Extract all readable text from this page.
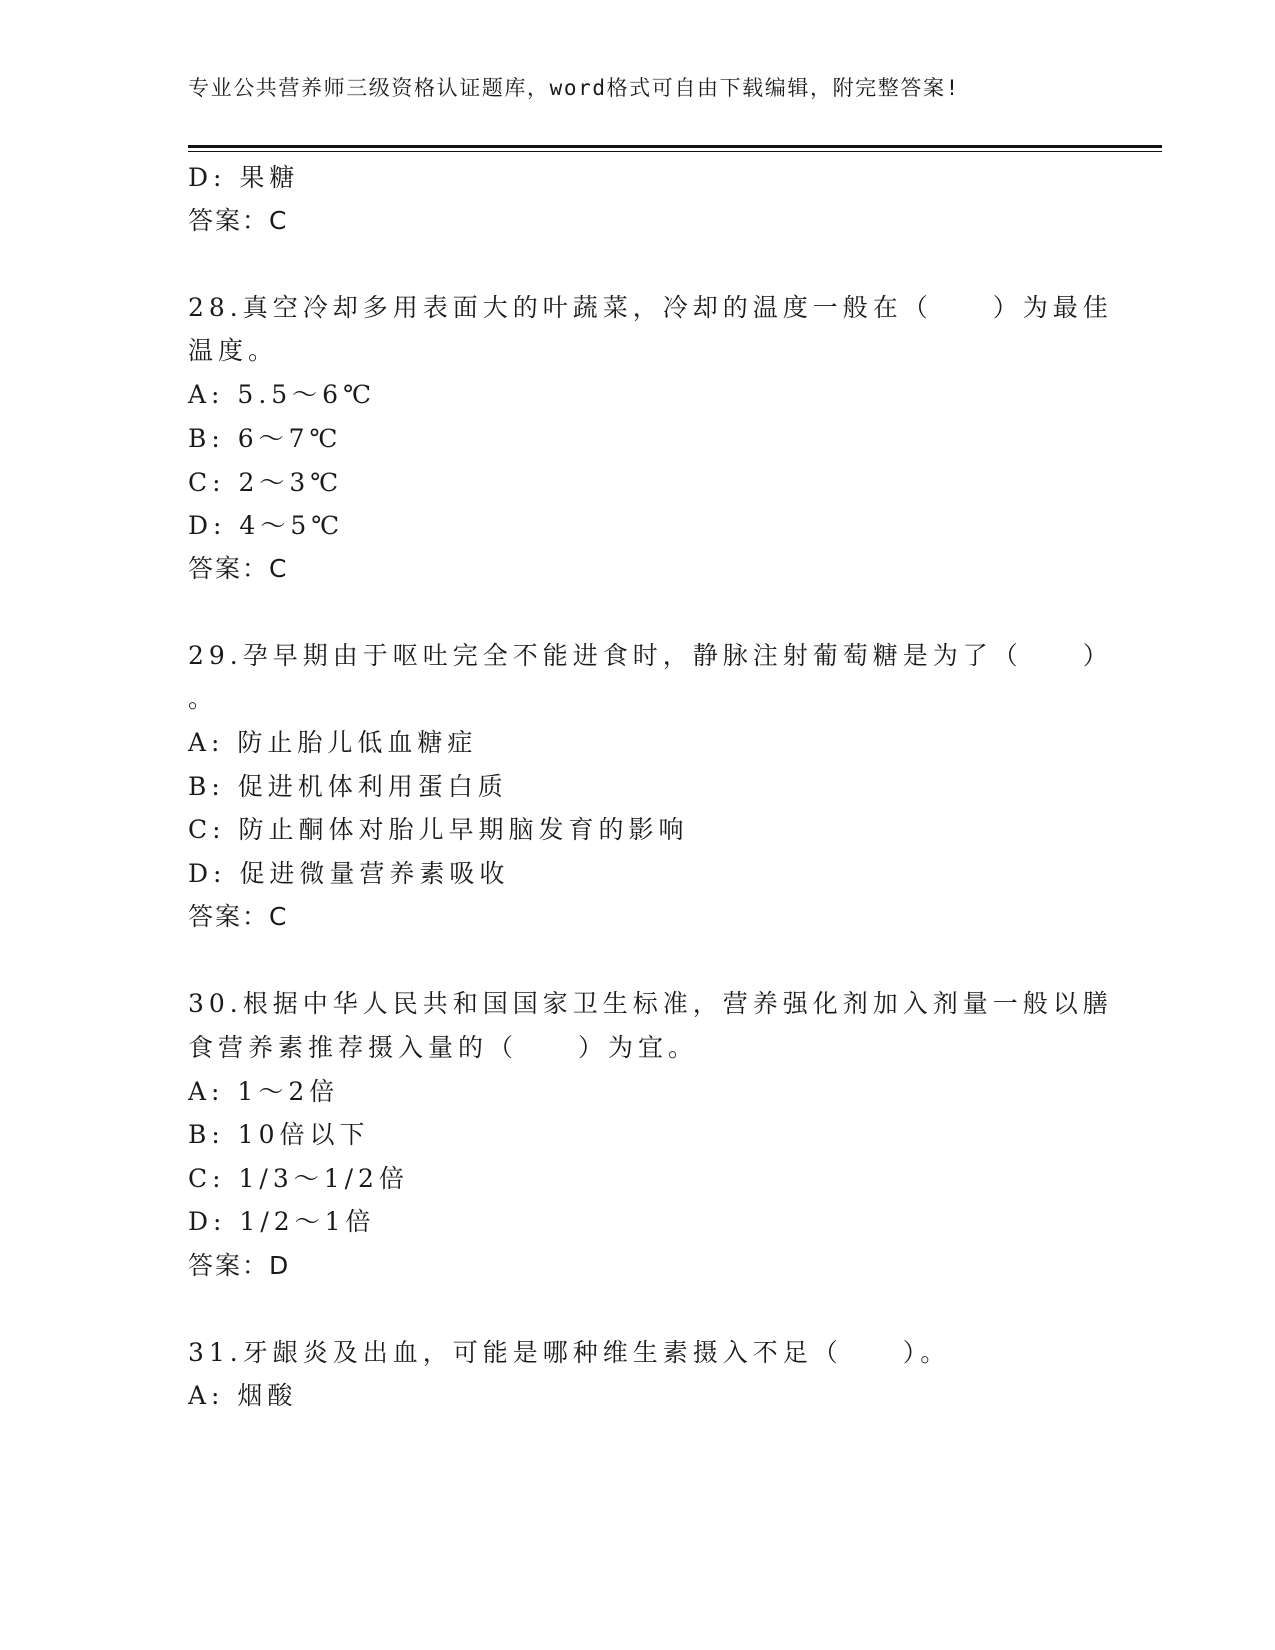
专业公共营养师三级资格认证题库，word格式可自由下载编辑，附完整答案!
D: 果糖
答案：C
28.真空冷却多用表面大的叶蔬菜，冷却的温度一般在（　　）为最佳
温度。
A: 5.5～6℃
B: 6～7℃
C: 2～3℃
D: 4～5℃
答案：C
29.孕早期由于呕吐完全不能进食时，静脉注射葡萄糖是为了（　　）
。
A: 防止胎儿低血糖症
B: 促进机体利用蛋白质
C: 防止酮体对胎儿早期脑发育的影响
D: 促进微量营养素吸收
答案：C
30.根据中华人民共和国国家卫生标准，营养强化剂加入剂量一般以膳
食营养素推荐摄入量的（　　）为宜。
A: 1～2倍
B: 10倍以下
C: 1/3～1/2倍
D: 1/2～1倍
答案：D
31.牙龈炎及出血，可能是哪种维生素摄入不足（　　）。
A: 烟酸
